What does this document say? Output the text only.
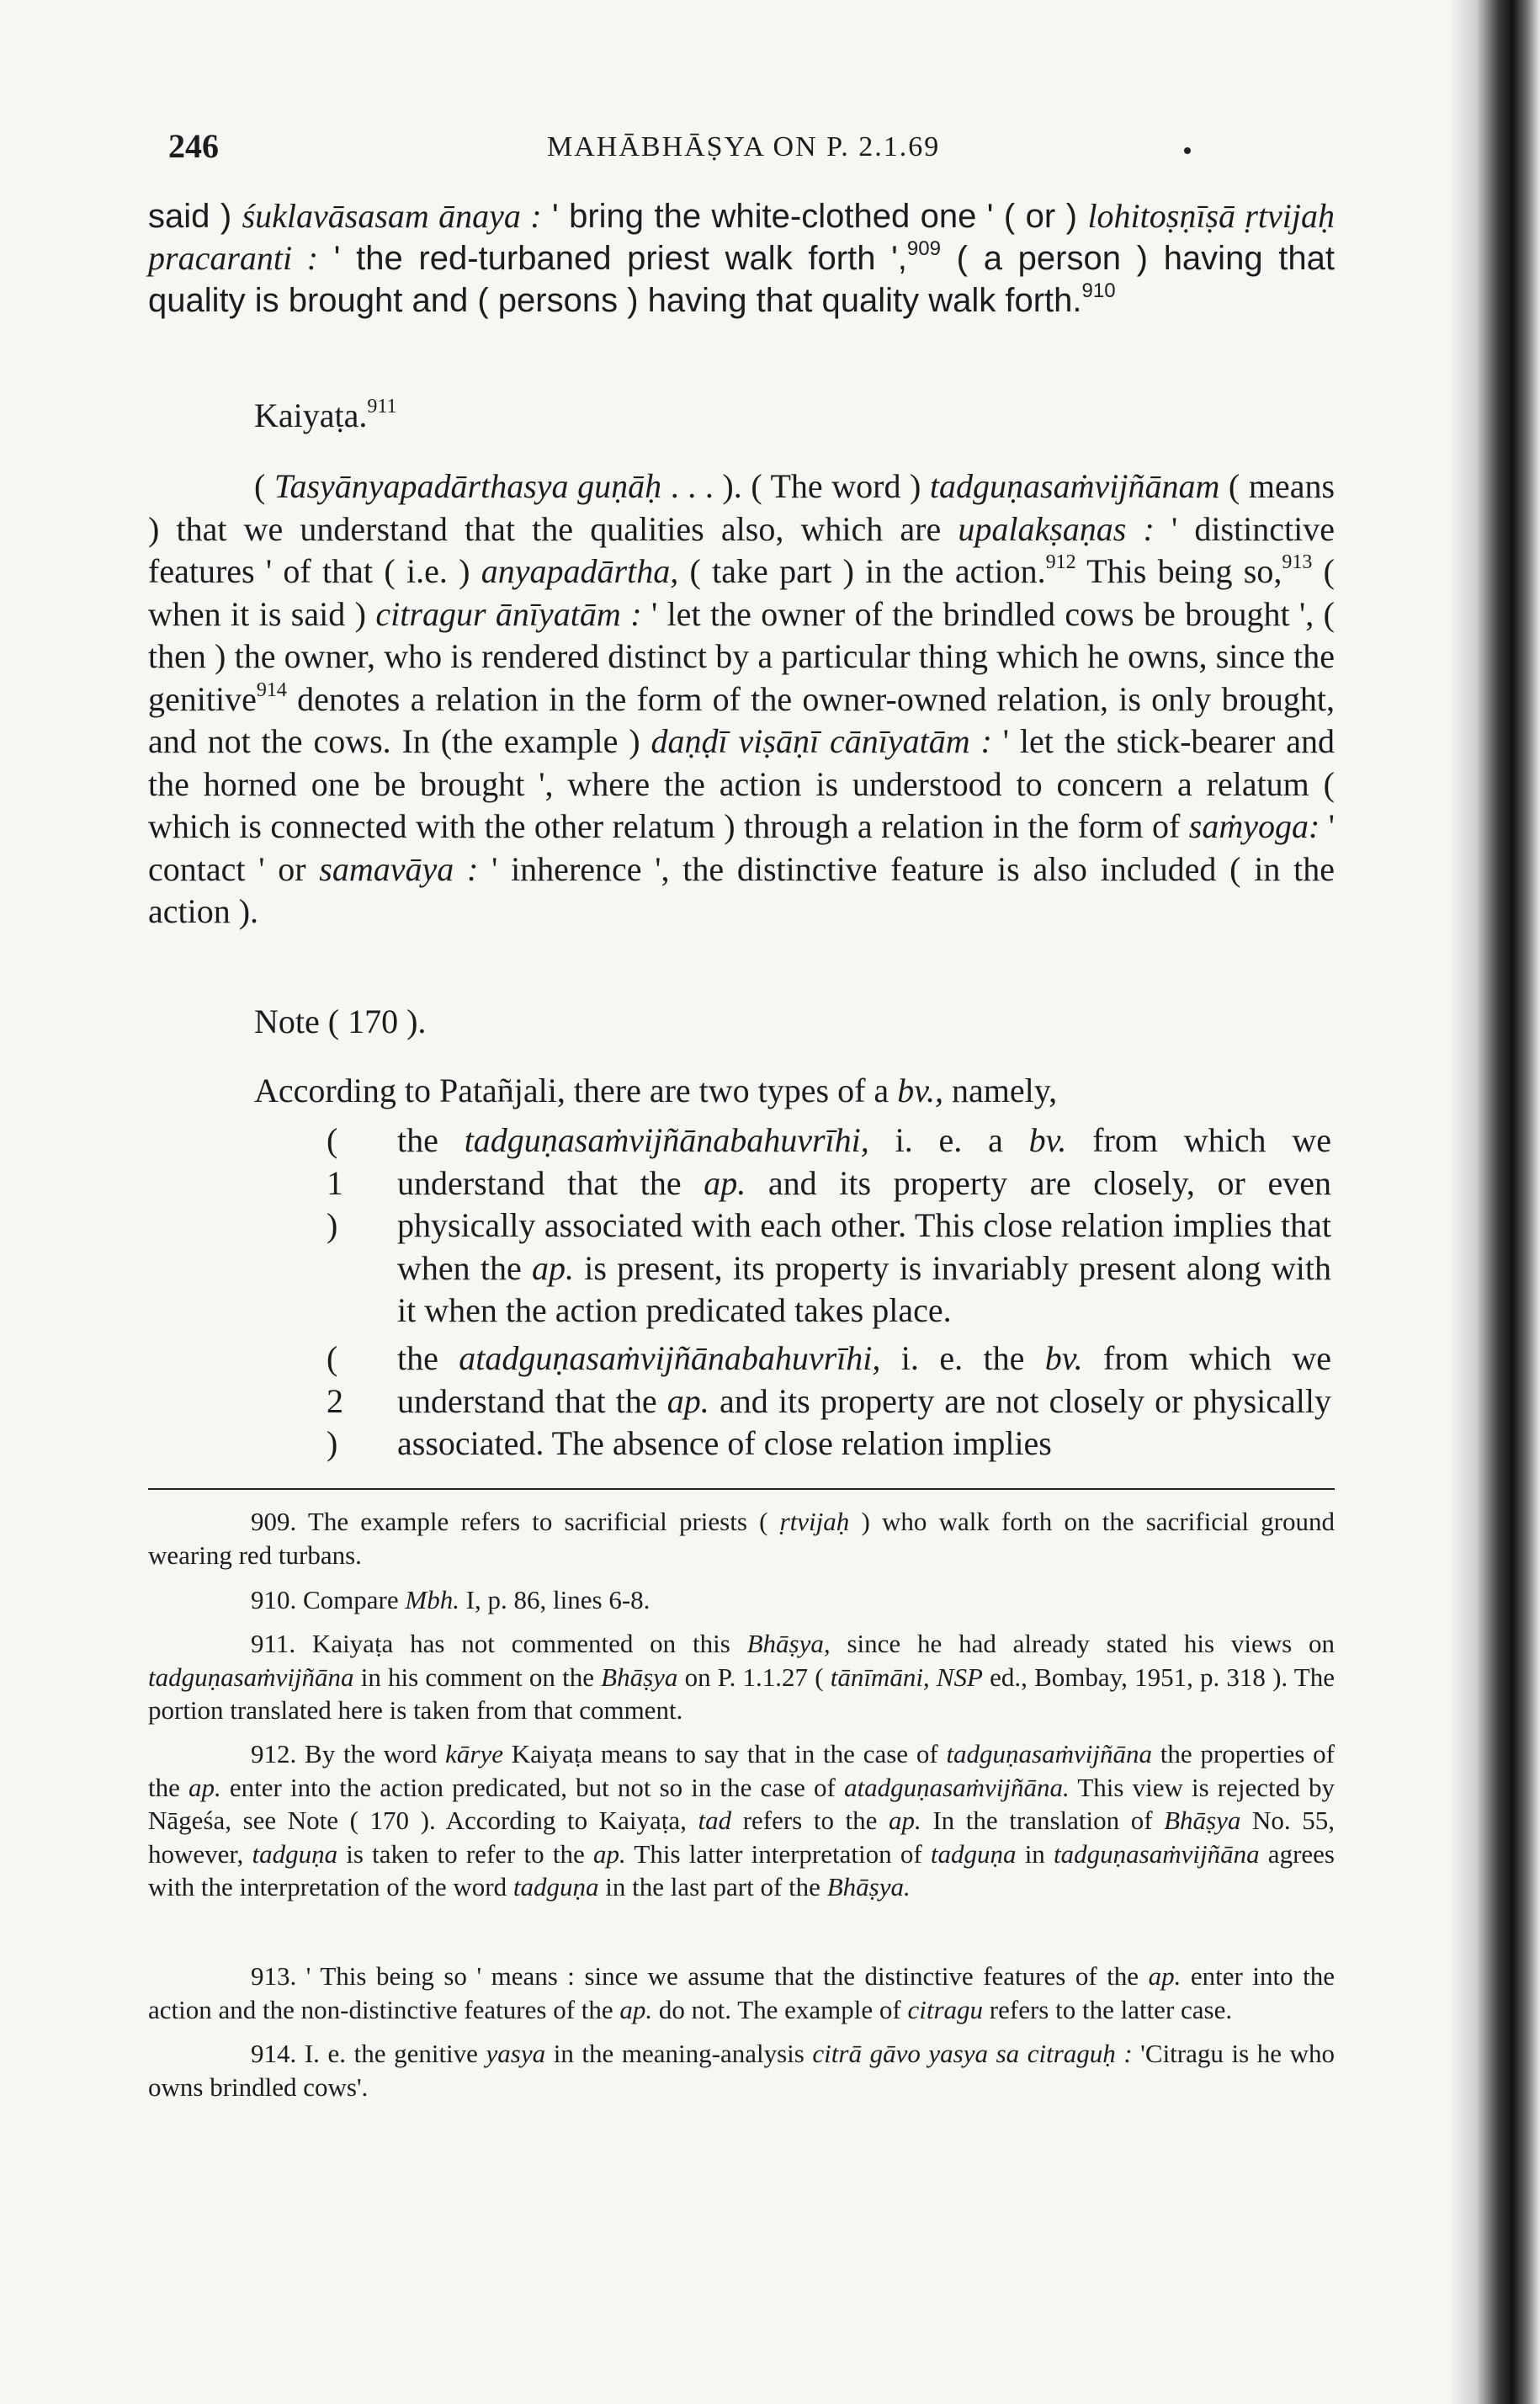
246	MAHĀBHĀṢYA ON P. 2.1.69
said ) śuklavāsasam ānaya : ' bring the white-clothed one ' ( or ) lohitoṣṇīṣā ṛtvijaḥ pracaranti : ' the red-turbaned priest walk forth ',$^{909}$ ( a person ) having that quality is brought and ( persons ) having that quality walk forth.$^{910}$
Kaiyaṭa.$^{911}$
( Tasyānyapadārthasya guṇāḥ . . . ). ( The word ) tadguṇasaṁvijñānam ( means ) that we understand that the qualities also, which are upalakṣaṇas : ' distinctive features ' of that ( i.e. ) anyapadārtha, ( take part ) in the action.$^{912}$ This being so,$^{913}$ ( when it is said ) citragur ānīyatām : ' let the owner of the brindled cows be brought ', ( then ) the owner, who is rendered distinct by a particular thing which he owns, since the genitive$^{914}$ denotes a relation in the form of the owner-owned relation, is only brought, and not the cows. In (the example ) daṇḍī viṣāṇī cānīyatām : ' let the stick-bearer and the horned one be brought ', where the action is understood to concern a relatum ( which is connected with the other relatum ) through a relation in the form of saṁyoga: ' contact ' or samavāya : ' inherence ', the distinctive feature is also included ( in the action ).
Note ( 170 ).
According to Patañjali, there are two types of a bv., namely,
( 1 )
the tadguṇasaṁvijñānabahuvrīhi, i. e. a bv. from which we understand that the ap. and its property are closely, or even physically associated with each other. This close relation implies that when the ap. is present, its property is invariably present along with it when the action predicated takes place.
( 2 )
the atadguṇasaṁvijñānabahuvrīhi, i. e. the bv. from which we understand that the ap. and its property are not closely or physically associated. The absence of close relation implies
909. The example refers to sacrificial priests ( ṛtvijaḥ ) who walk forth on the sacrificial ground wearing red turbans.
910. Compare Mbh. I, p. 86, lines 6-8.
911. Kaiyaṭa has not commented on this Bhāṣya, since he had already stated his views on tadguṇasaṁvijñāna in his comment on the Bhāṣya on P. 1.1.27 ( tānīmāni, NSP ed., Bombay, 1951, p. 318 ). The portion translated here is taken from that comment.
912. By the word kārye Kaiyaṭa means to say that in the case of tadguṇasaṁvijñāna the properties of the ap. enter into the action predicated, but not so in the case of atadguṇasaṁvijñāna. This view is rejected by Nāgeśa, see Note ( 170 ). According to Kaiyaṭa, tad refers to the ap. In the translation of Bhāṣya No. 55, however, tadguṇa is taken to refer to the ap. This latter interpretation of tadguṇa in tadguṇasaṁvijñāna agrees with the interpretation of the word tadguṇa in the last part of the Bhāṣya.
913. ' This being so ' means : since we assume that the distinctive features of the ap. enter into the action and the non-distinctive features of the ap. do not. The example of citragu refers to the latter case.
914. I. e. the genitive yasya in the meaning-analysis citrā gāvo yasya sa citraguḥ : 'Citragu is he who owns brindled cows'.
